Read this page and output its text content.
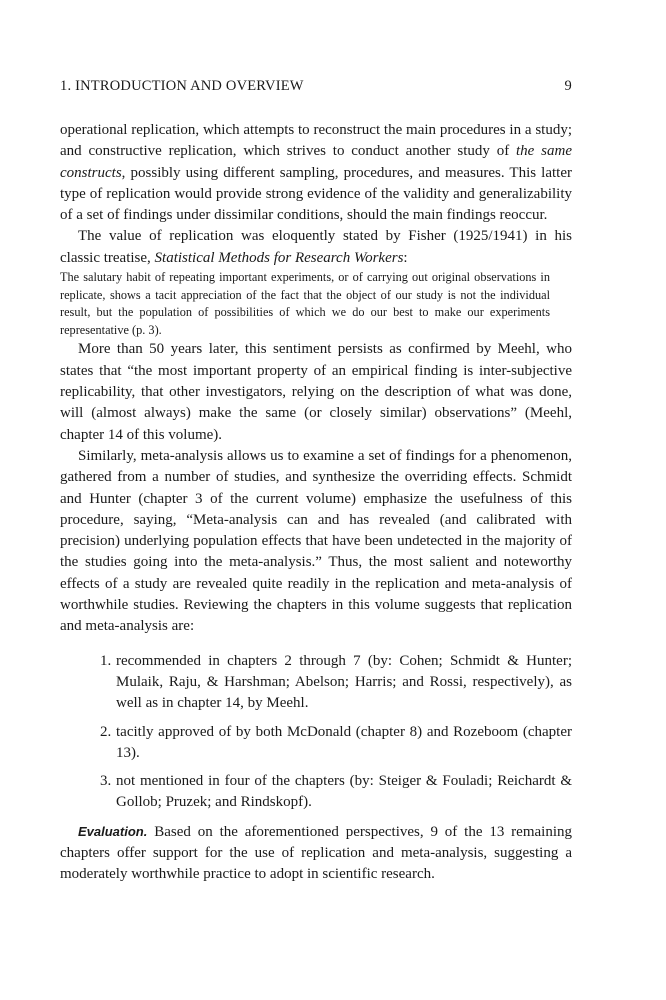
1. INTRODUCTION AND OVERVIEW	9

operational replication, which attempts to reconstruct the main procedures in a study; and constructive replication, which strives to conduct another study of the same constructs, possibly using different sampling, procedures, and measures. This latter type of replication would provide strong evidence of the validity and generalizability of a set of findings under dissimilar conditions, should the main findings reoccur.

The value of replication was eloquently stated by Fisher (1925/1941) in his classic treatise, Statistical Methods for Research Workers:

The salutary habit of repeating important experiments, or of carrying out original observations in replicate, shows a tacit appreciation of the fact that the object of our study is not the individual result, but the population of possibilities of which we do our best to make our experiments representative (p. 3).

More than 50 years later, this sentiment persists as confirmed by Meehl, who states that “the most important property of an empirical finding is inter-subjective replicability, that other investigators, relying on the description of what was done, will (almost always) make the same (or closely similar) observations” (Meehl, chapter 14 of this volume).

Similarly, meta-analysis allows us to examine a set of findings for a phenomenon, gathered from a number of studies, and synthesize the overriding effects. Schmidt and Hunter (chapter 3 of the current volume) emphasize the usefulness of this procedure, saying, “Meta-analysis can and has revealed (and calibrated with precision) underlying population effects that have been undetected in the majority of the studies going into the meta-analysis.” Thus, the most salient and noteworthy effects of a study are revealed quite readily in the replication and meta-analysis of worthwhile studies. Reviewing the chapters in this volume suggests that replication and meta-analysis are:

1. recommended in chapters 2 through 7 (by: Cohen; Schmidt & Hunter; Mulaik, Raju, & Harshman; Abelson; Harris; and Rossi, respectively), as well as in chapter 14, by Meehl.
2. tacitly approved of by both McDonald (chapter 8) and Rozeboom (chapter 13).
3. not mentioned in four of the chapters (by: Steiger & Fouladi; Reichardt & Gollob; Pruzek; and Rindskopf).

Evaluation. Based on the aforementioned perspectives, 9 of the 13 remaining chapters offer support for the use of replication and meta-analysis, suggesting a moderately worthwhile practice to adopt in scientific research.
